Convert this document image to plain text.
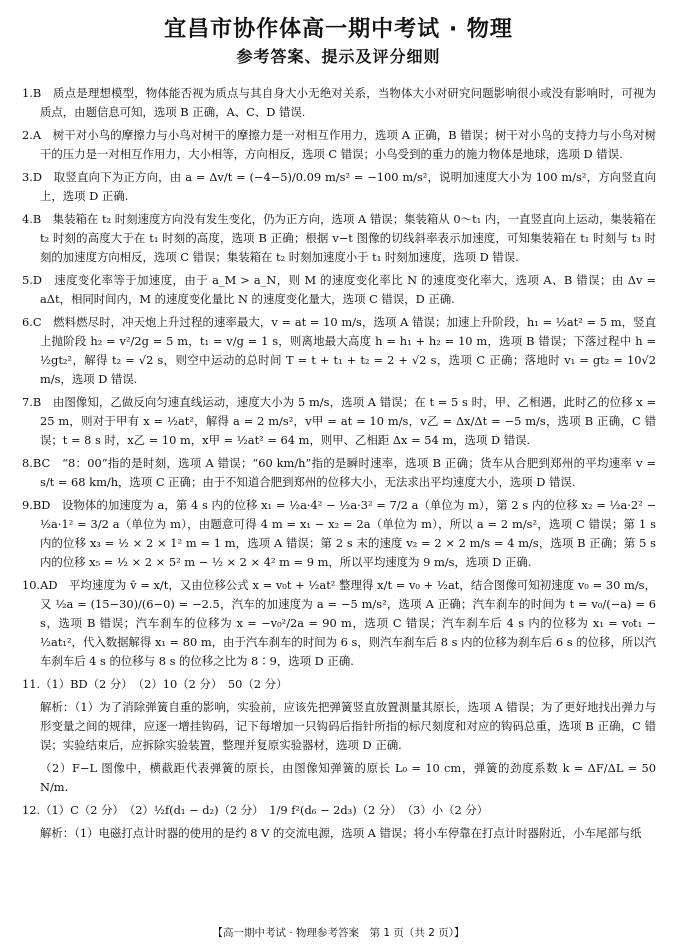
宜昌市协作体高一期中考试 · 物理
参考答案、提示及评分细则

1.B　质点是理想模型，物体能否视为质点与其自身大小无绝对关系，当物体大小对研究问题影响很小或没有影响时，可视为质点，由题信息可知，选项 B 正确，A、C、D 错误.

2.A　树干对小鸟的摩擦力与小鸟对树干的摩擦力是一对相互作用力，选项 A 正确，B 错误；树干对小鸟的支持力与小鸟对树干的压力是一对相互作用力，大小相等，方向相反，选项 C 错误；小鸟受到的重力的施力物体是地球，选项 D 错误.

3.D　取竖直向下为正方向，由 a = Δv/t = (−4−5)/0.09 m/s² = −100 m/s²，说明加速度大小为 100 m/s²，方向竖直向上，选项 D 正确.

4.B　集装箱在 t₂ 时刻速度方向没有发生变化，仍为正方向，选项 A 错误；集装箱从 0～t₁ 内，一直竖直向上运动，集装箱在 t₂ 时刻的高度大于在 t₁ 时刻的高度，选项 B 正确；根据 v−t 图像的切线斜率表示加速度，可知集装箱在 t₁ 时刻与 t₃ 时刻的加速度方向相反，选项 C 错误；集装箱在 t₂ 时刻加速度小于 t₁ 时刻加速度，选项 D 错误.

5.D　速度变化率等于加速度，由于 a_M > a_N，则 M 的速度变化率比 N 的速度变化率大，选项 A、B 错误；由 Δv = aΔt，相同时间内，M 的速度变化量比 N 的速度变化量大，选项 C 错误，D 正确.

6.C　燃料燃尽时，冲天炮上升过程的速率最大，v = at = 10 m/s，选项 A 错误；加速上升阶段，h₁ = ½at² = 5 m，竖直上抛阶段 h₂ = v²/2g = 5 m，t₁ = v/g = 1 s，则离地最大高度 h = h₁ + h₂ = 10 m，选项 B 错误；下落过程中 h = ½gt₂²，解得 t₂ = √2 s，则空中运动的总时间 T = t + t₁ + t₂ = 2 + √2 s，选项 C 正确；落地时 v₁ = gt₂ = 10√2 m/s，选项 D 错误.

7.B　由图像知，乙做反向匀速直线运动，速度大小为 5 m/s，选项 A 错误；在 t = 5 s 时，甲、乙相遇，此时乙的位移 x = 25 m，则对于甲有 x = ½at²，解得 a = 2 m/s²，v甲 = at = 10 m/s，v乙 = Δx/Δt = −5 m/s，选项 B 正确，C 错误；t = 8 s 时，x乙 = 10 m，x甲 = ½at² = 64 m，则甲、乙相距 Δx = 54 m，选项 D 错误.

8.BC　“8：00”指的是时刻，选项 A 错误；“60 km/h”指的是瞬时速率，选项 B 正确；货车从合肥到郑州的平均速率 v = s/t = 68 km/h，选项 C 正确；由于不知道合肥到郑州的位移大小，无法求出平均速度大小，选项 D 错误.

9.BD　设物体的加速度为 a，第 4 s 内的位移 x₁ = ½a·4² − ½a·3² = 7/2 a（单位为 m），第 2 s 内的位移 x₂ = ½a·2² − ½a·1² = 3/2 a（单位为 m），由题意可得 4 m = x₁ − x₂ = 2a（单位为 m），所以 a = 2 m/s²，选项 C 错误；第 1 s 内的位移 x₃ = ½ × 2 × 1² m = 1 m，选项 A 错误；第 2 s 末的速度 v₂ = 2 × 2 m/s = 4 m/s，选项 B 正确；第 5 s 内的位移 x₅ = ½ × 2 × 5² m − ½ × 2 × 4² m = 9 m，所以平均速度为 9 m/s，选项 D 正确.

10.AD　平均速度为 v̄ = x/t，又由位移公式 x = v₀t + ½at² 整理得 x/t = v₀ + ½at，结合图像可知初速度 v₀ = 30 m/s，又 ½a = (15−30)/(6−0) = −2.5，汽车的加速度为 a = −5 m/s²，选项 A 正确；汽车刹车的时间为 t = v₀/(−a) = 6 s，选项 B 错误；汽车刹车的位移为 x = −v₀²/2a = 90 m，选项 C 错误；汽车刹车后 4 s 内的位移为 x₁ = v₀t₁ − ½at₁²，代入数据解得 x₁ = 80 m，由于汽车刹车的时间为 6 s，则汽车刹车后 8 s 内的位移为刹车后 6 s 的位移，所以汽车刹车后 4 s 的位移与 8 s 的位移之比为 8∶9，选项 D 正确.

11.（1）BD（2 分）　（2）10（2 分）　50（2 分）

解析：（1）为了消除弹簧自重的影响，实验前，应该先把弹簧竖直放置测量其原长，选项 A 错误；为了更好地找出弹力与形变量之间的规律，应逐一增挂钩码，记下每增加一只钩码后指针所指的标尺刻度和对应的钩码总重，选项 B 正确，C 错误；实验结束后，应拆除实验装置，整理并复原实验器材，选项 D 正确.

（2）F−L 图像中，横截距代表弹簧的原长，由图像知弹簧的原长 L₀ = 10 cm，弹簧的劲度系数 k = ΔF/ΔL = 50 N/m.

12.（1）C（2 分）　（2）½f(d₁ − d₂)（2 分）　1/9 f²(d₆ − 2d₃)（2 分）　（3）小（2 分）

解析：（1）电磁打点计时器的使用的是约 8 V 的交流电源，选项 A 错误；将小车停靠在打点计时器附近，小车尾部与纸

【高一期中考试 · 物理参考答案　第 1 页（共 2 页）】
